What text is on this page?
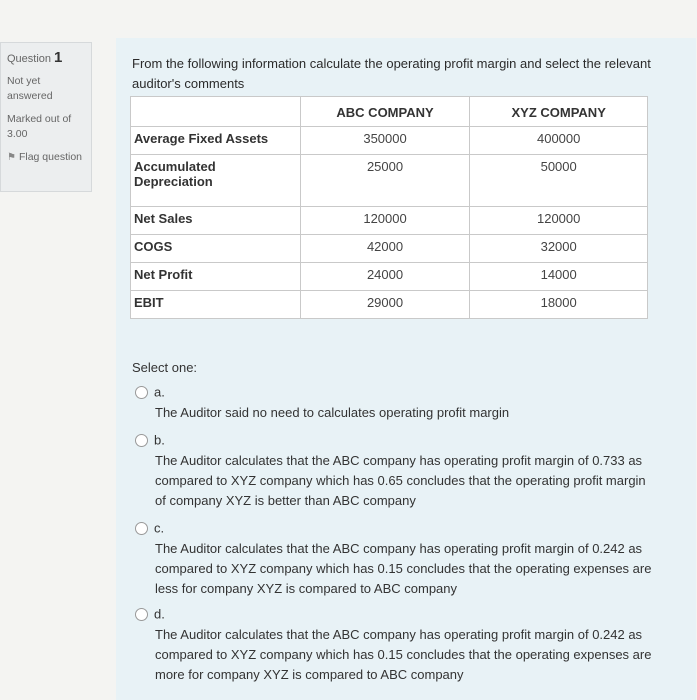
Question 1
Not yet answered
Marked out of 3.00
⚑ Flag question
From the following information calculate the operating profit margin and select the relevant auditor's comments
	ABC COMPANY	XYZ COMPANY
Average Fixed Assets	350000	400000
Accumulated Depreciation	25000	50000
Net Sales	120000	120000
COGS	42000	32000
Net Profit	24000	14000
EBIT	29000	18000
Select one:
a.
The Auditor said no need to calculates operating profit margin
b.
The Auditor calculates that the ABC company has operating profit margin of 0.733 as compared to XYZ company which has 0.65 concludes that the operating profit margin of company XYZ is better than ABC company
c.
The Auditor calculates that the ABC company has operating profit margin of 0.242 as compared to XYZ company which has 0.15 concludes that the operating expenses are less for company XYZ is compared to ABC company
d.
The Auditor calculates that the ABC company has operating profit margin of 0.242 as compared to XYZ company which has 0.15 concludes that the operating expenses are more for company XYZ is compared to ABC company
